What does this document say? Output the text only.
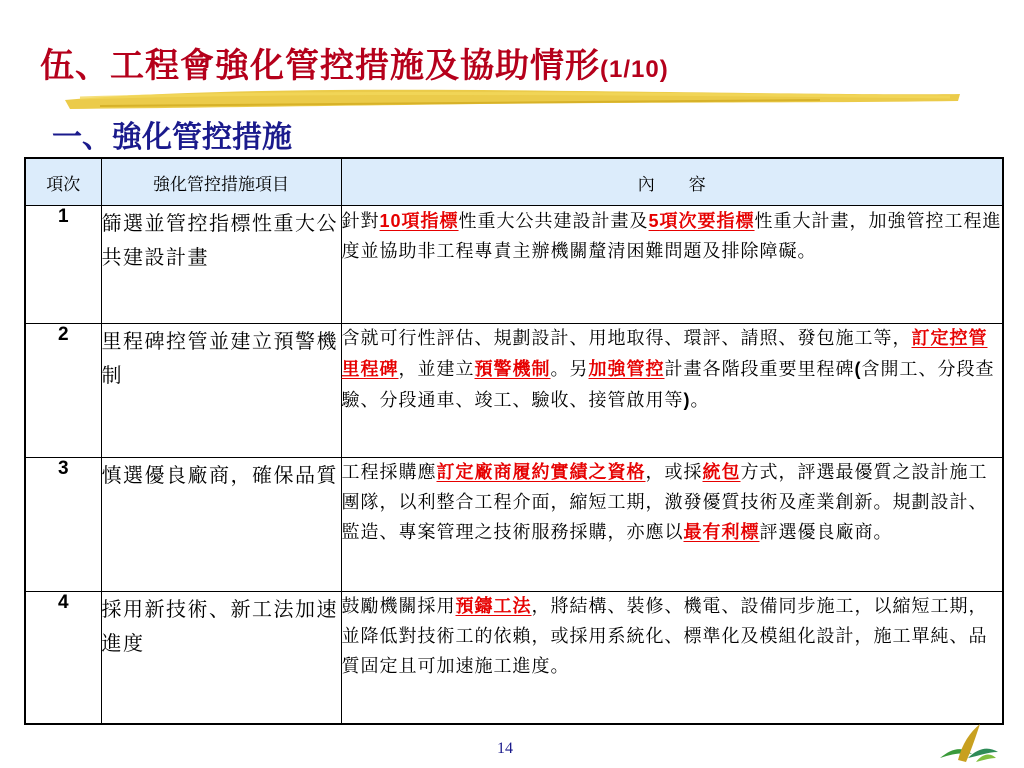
伍、工程會強化管控措施及協助情形(1/10)
一、強化管控措施
項次	強化管控措施項目	內　　容
1	篩選並管控指標性重大公共建設計畫	針對10項指標性重大公共建設計畫及5項次要指標性重大計畫，加強管控工程進度並協助非工程專責主辦機關釐清困難問題及排除障礙。
2	里程碑控管並建立預警機制	含就可行性評估、規劃設計、用地取得、環評、請照、發包施工等，訂定控管里程碑，並建立預警機制。另加強管控計畫各階段重要里程碑(含開工、分段查驗、分段通車、竣工、驗收、接管啟用等)。
3	慎選優良廠商，確保品質	工程採購應訂定廠商履約實績之資格，或採統包方式，評選最優質之設計施工團隊，以利整合工程介面，縮短工期，激發優質技術及產業創新。規劃設計、監造、專案管理之技術服務採購，亦應以最有利標評選優良廠商。
4	採用新技術、新工法加速進度	鼓勵機關採用預鑄工法，將結構、裝修、機電、設備同步施工，以縮短工期，並降低對技術工的依賴，或採用系統化、標準化及模組化設計，施工單純、品質固定且可加速施工進度。
14
